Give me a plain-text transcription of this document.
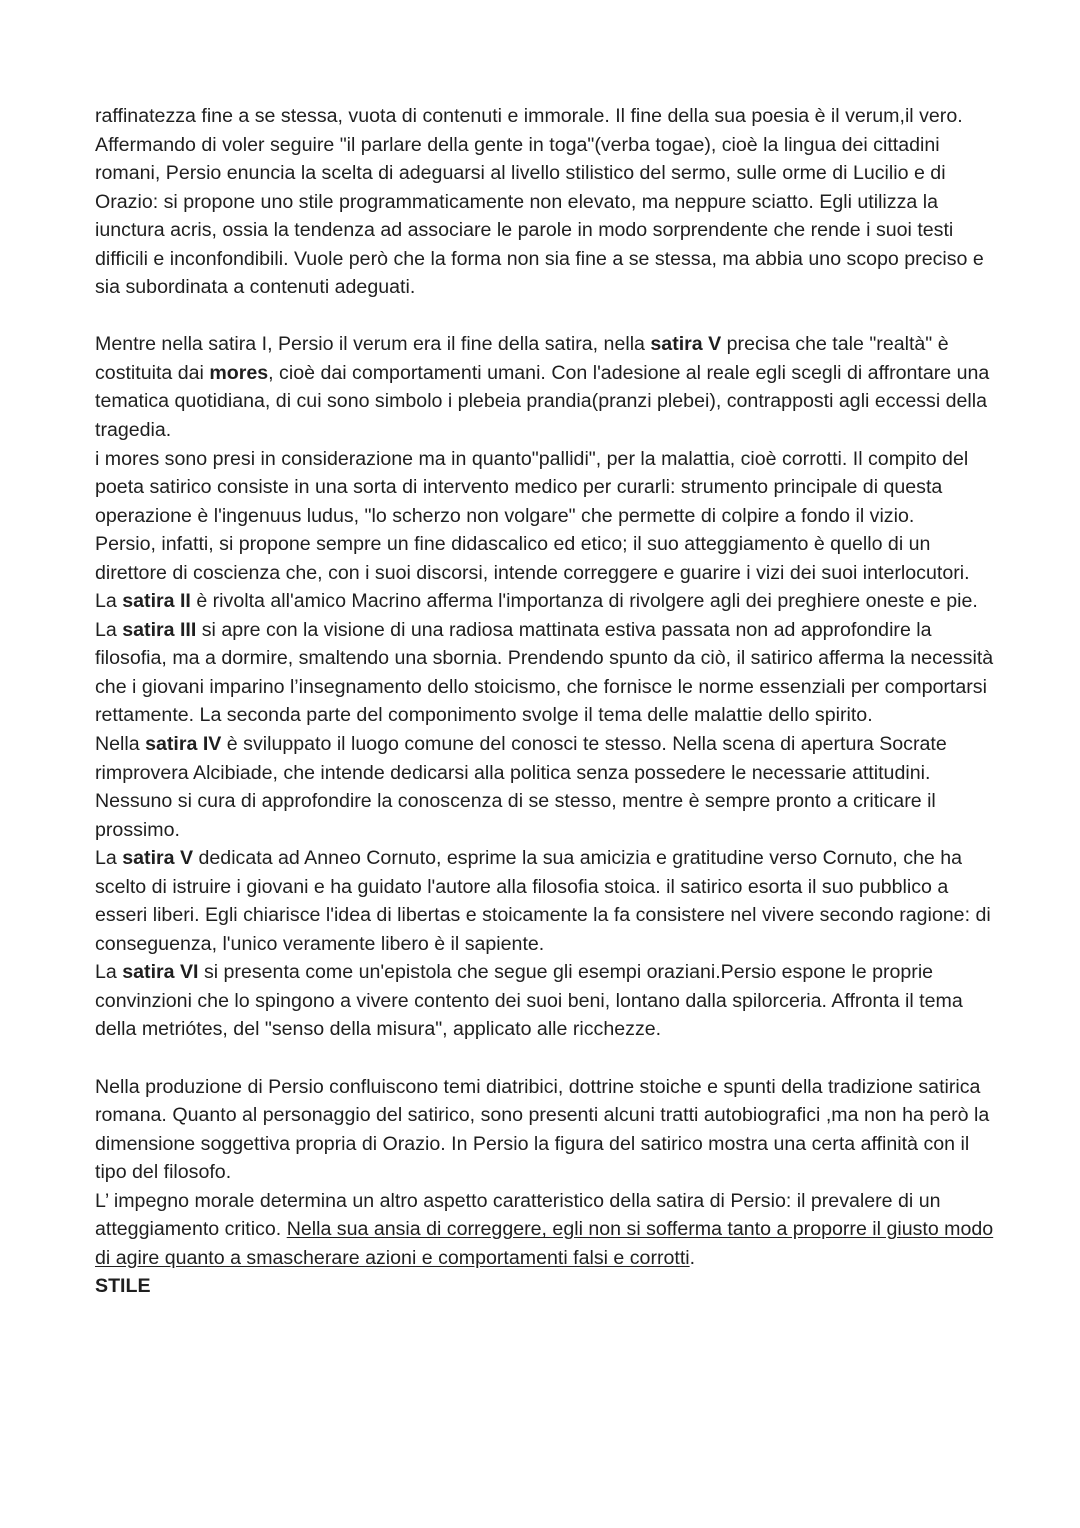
raffinatezza fine a se stessa, vuota di contenuti e immorale. Il fine della sua poesia è il verum,il vero.

Affermando di voler seguire "il parlare della gente in toga"(verba togae), cioè la lingua dei cittadini romani, Persio enuncia la scelta di adeguarsi al livello stilistico del sermo, sulle orme di Lucilio e di Orazio: si propone uno stile programmaticamente non elevato, ma neppure sciatto. Egli utilizza la iunctura acris, ossia la tendenza ad associare le parole in modo sorprendente che rende i suoi testi difficili e inconfondibili. Vuole però che la forma non sia fine a se stessa, ma abbia uno scopo preciso e sia subordinata a contenuti adeguati.

Mentre nella satira I, Persio il verum era il fine della satira, nella satira V precisa che tale "realtà" è costituita dai mores, cioè dai comportamenti umani. Con l'adesione al reale egli scegli di affrontare una tematica quotidiana, di cui sono simbolo i plebeia prandia(pranzi plebei), contrapposti agli eccessi della tragedia.

i mores sono presi in considerazione ma in quanto"pallidi", per la malattia, cioè corrotti. Il compito del poeta satirico consiste in una sorta di intervento medico per curarli: strumento principale di questa operazione è l'ingenuus ludus, "lo scherzo non volgare" che permette di colpire a fondo il vizio.

Persio, infatti, si propone sempre un fine didascalico ed etico; il suo atteggiamento è quello di un direttore di coscienza che, con i suoi discorsi, intende correggere e guarire i vizi dei suoi interlocutori.

La satira II è rivolta all'amico Macrino afferma l'importanza di rivolgere agli dei preghiere oneste e pie.

La satira III si apre con la visione di una radiosa mattinata estiva passata non ad approfondire la filosofia, ma a dormire, smaltendo una sbornia. Prendendo spunto da ciò, il satirico afferma la necessità che i giovani imparino l’insegnamento dello stoicismo, che fornisce le norme essenziali per comportarsi rettamente. La seconda parte del componimento svolge il tema delle malattie dello spirito.

Nella satira IV è sviluppato il luogo comune del conosci te stesso. Nella scena di apertura Socrate rimprovera Alcibiade, che intende dedicarsi alla politica senza possedere le necessarie attitudini. Nessuno si cura di approfondire la conoscenza di se stesso, mentre è sempre pronto a criticare il prossimo.

La satira V dedicata ad Anneo Cornuto, esprime la sua amicizia e gratitudine verso Cornuto, che ha scelto di istruire i giovani e ha guidato l'autore alla filosofia stoica. il satirico esorta il suo pubblico a esseri liberi. Egli chiarisce l'idea di libertas e stoicamente la fa consistere nel vivere secondo ragione: di conseguenza, l'unico veramente libero è il sapiente.

La satira VI si presenta come un'epistola che segue gli esempi oraziani.Persio espone le proprie convinzioni che lo spingono a vivere contento dei suoi beni, lontano dalla spilorceria. Affronta il tema della metriótes, del "senso della misura", applicato alle ricchezze.

Nella produzione di Persio confluiscono temi diatribici, dottrine stoiche e spunti della tradizione satirica romana. Quanto al personaggio del satirico, sono presenti alcuni tratti autobiografici ,ma non ha però la dimensione soggettiva propria di Orazio. In Persio la figura del satirico mostra una certa affinità con il tipo del filosofo.

L’ impegno morale determina un altro aspetto caratteristico della satira di Persio: il prevalere di un atteggiamento critico. Nella sua ansia di correggere, egli non si sofferma tanto a proporre il giusto modo di agire quanto a smascherare azioni e comportamenti falsi e corrotti.

STILE
